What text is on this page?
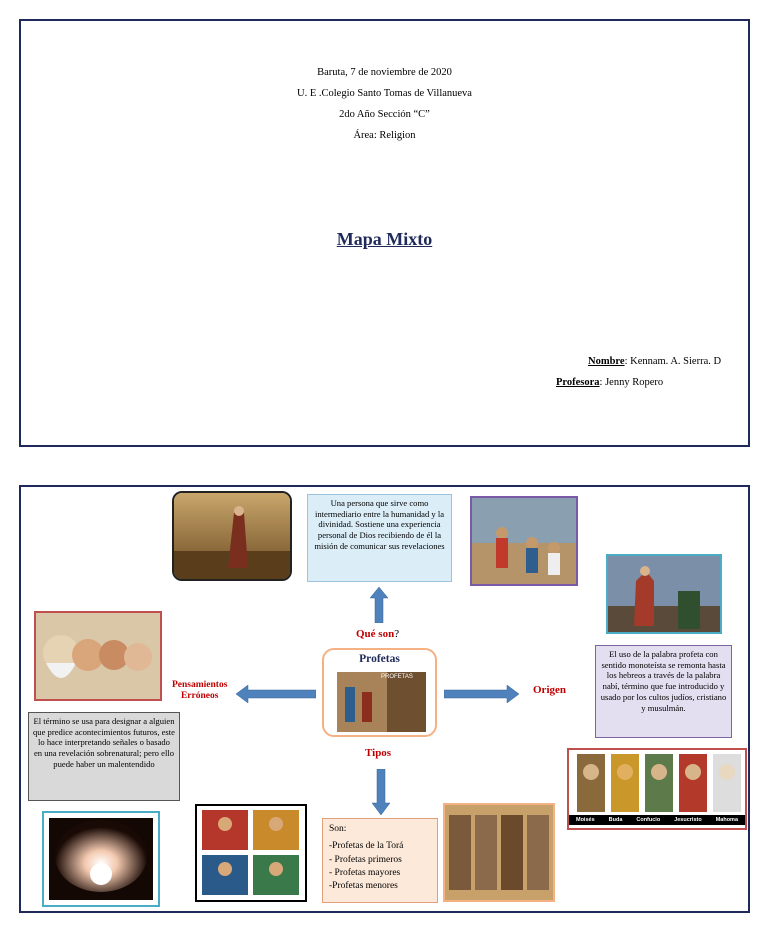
Baruta, 7 de noviembre de 2020
U. E .Colegio Santo Tomas de Villanueva
2do Año Sección “C”
Área: Religion
Mapa Mixto
Nombre: Kennam. A. Sierra. D
Profesora: Jenny Ropero
Una persona que sirve como intermediario entre la humanidad y la divinidad. Sostiene una experiencia personal de Dios recibiendo de él la misión de comunicar sus revelaciones
Qué son?
Pensamientos
Erróneos
Profetas
PROFETAS
Origen
El uso de la palabra profeta con sentido monoteísta se remonta hasta los hebreos a través de la palabra nabí, término que fue introducido y usado por los cultos judíos, cristiano y musulmán.
El término se usa para designar a alguien que predice acontecimientos futuros, este lo hace interpretando señales o basado en una revelación sobrenatural; pero ello puede haber un malentendido
Tipos
Moisés	Buda	Confucio	Jesucristo	Mahoma
Son:
-Profetas de la Torá
- Profetas primeros
- Profetas mayores
-Profetas menores
